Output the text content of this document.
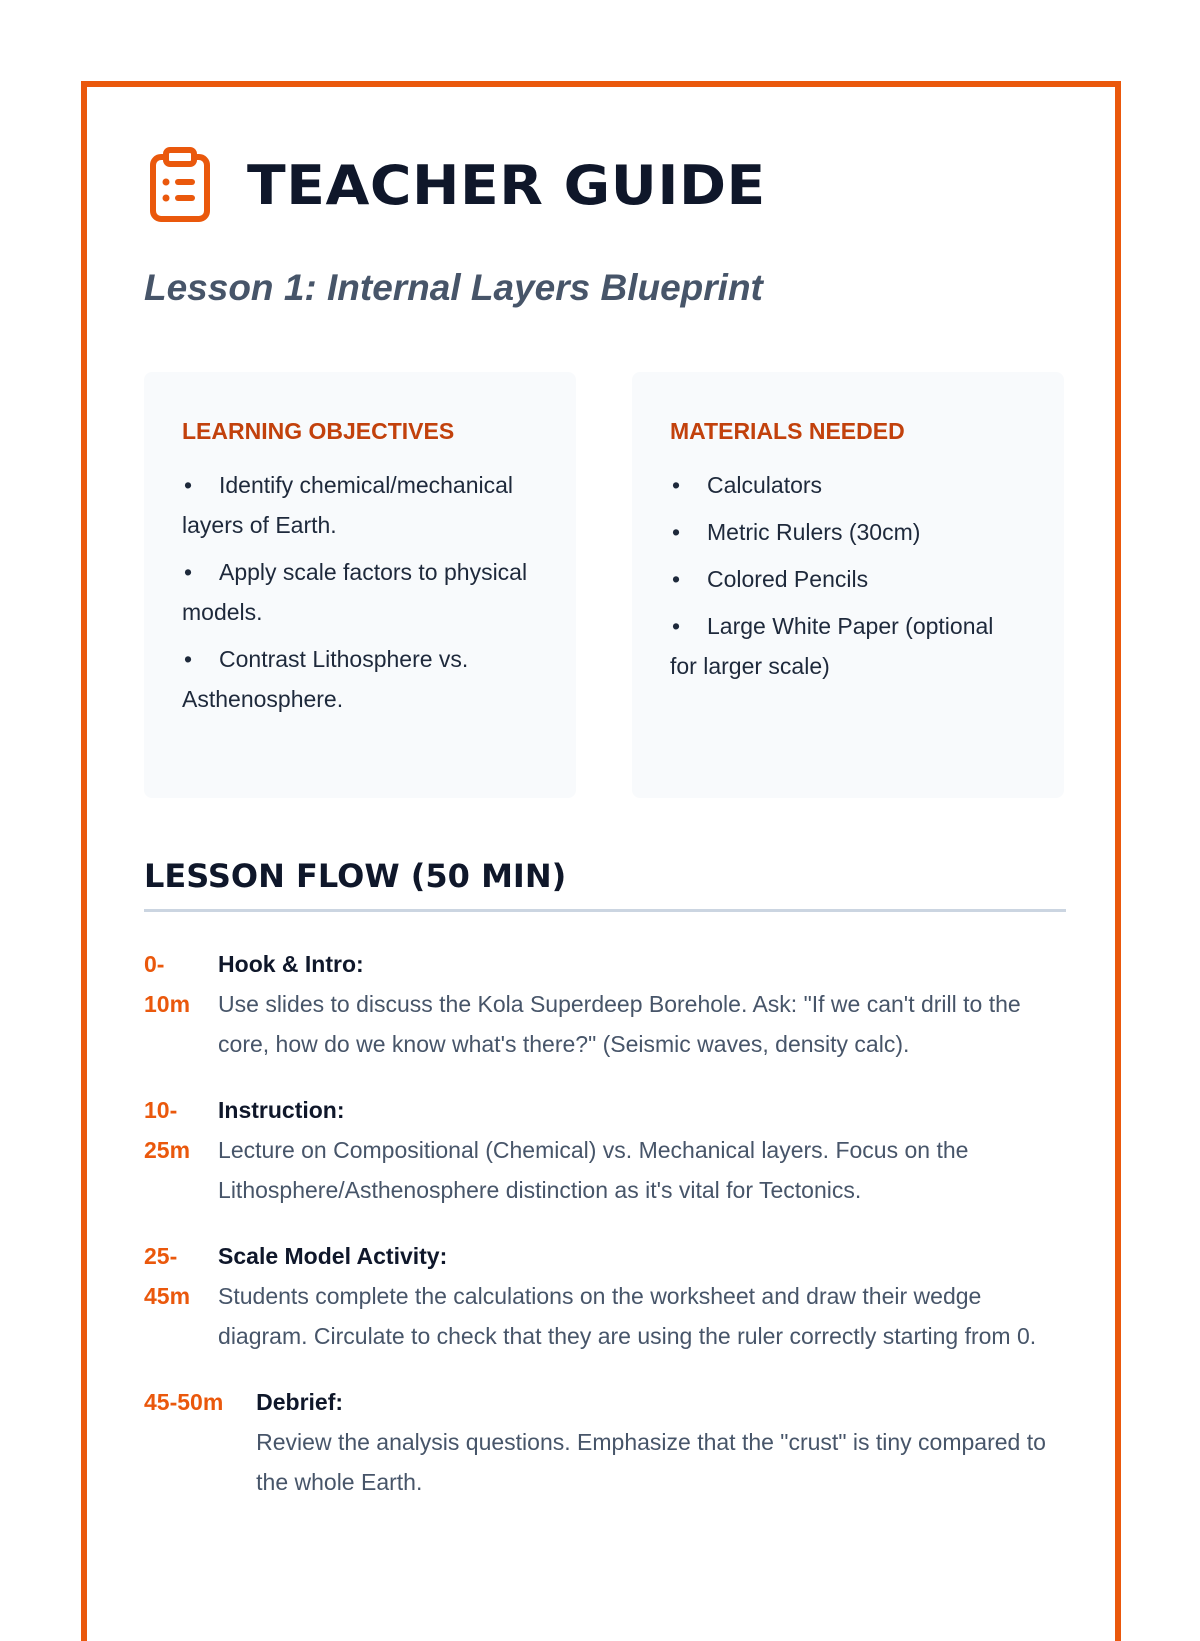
TEACHER GUIDE
Lesson 1: Internal Layers Blueprint
LEARNING OBJECTIVES
• Identify chemical/mechanical layers of Earth.
• Apply scale factors to physical models.
• Contrast Lithosphere vs. Asthenosphere.
MATERIALS NEEDED
• Calculators
• Metric Rulers (30cm)
• Colored Pencils
• Large White Paper (optional for larger scale)
LESSON FLOW (50 MIN)
0-10m
Hook & Intro:

Use slides to discuss the Kola Superdeep Borehole. Ask: "If we can't drill to the core, how do we know what's there?" (Seismic waves, density calc).

10-25m
Instruction:

Lecture on Compositional (Chemical) vs. Mechanical layers. Focus on the Lithosphere/Asthenosphere distinction as it's vital for Tectonics.

25-45m
Scale Model Activity:

Students complete the calculations on the worksheet and draw their wedge diagram. Circulate to check that they are using the ruler correctly starting from 0.

45-50m	Debrief:

Review the analysis questions. Emphasize that the "crust" is tiny compared to the whole Earth.
